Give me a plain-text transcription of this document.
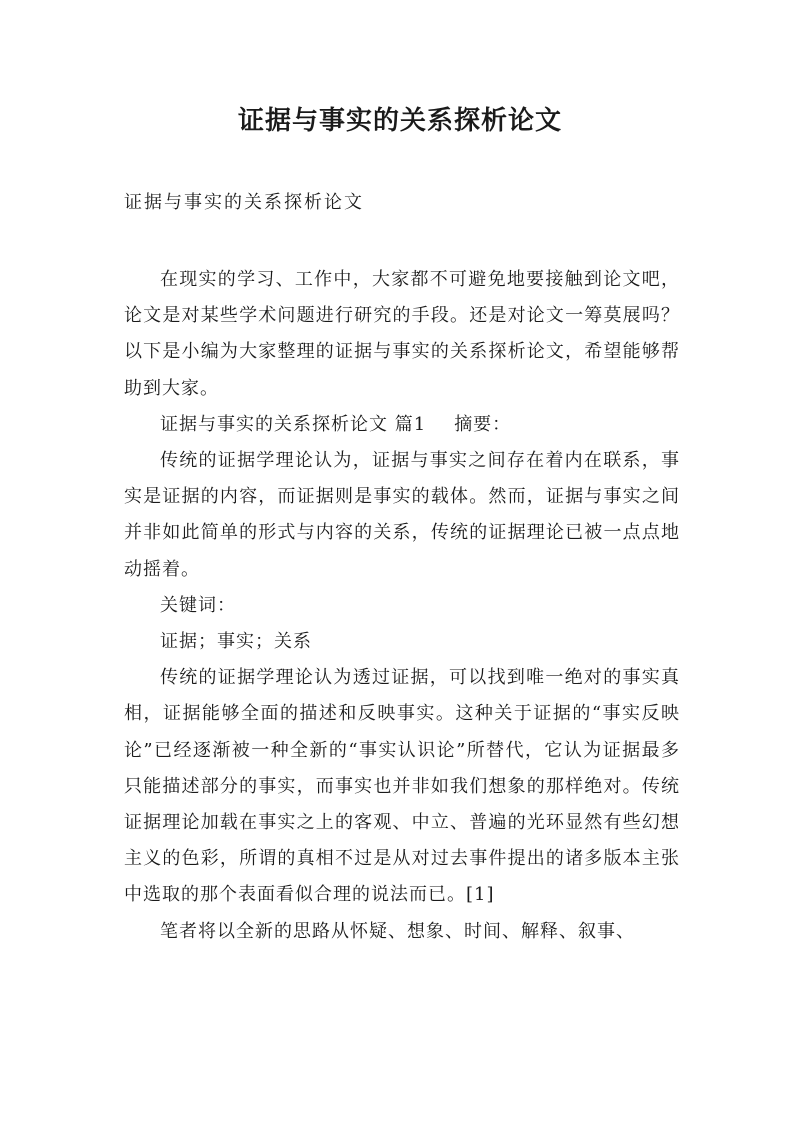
证据与事实的关系探析论文

证据与事实的关系探析论文

在现实的学习、工作中，大家都不可避免地要接触到论文吧，论文是对某些学术问题进行研究的手段。还是对论文一筹莫展吗？以下是小编为大家整理的证据与事实的关系探析论文，希望能够帮助到大家。

证据与事实的关系探析论文 篇1 摘要：

传统的证据学理论认为，证据与事实之间存在着内在联系，事实是证据的内容，而证据则是事实的载体。然而，证据与事实之间并非如此简单的形式与内容的关系，传统的证据理论已被一点点地动摇着。

关键词：

证据；事实；关系

传统的证据学理论认为透过证据，可以找到唯一绝对的事实真相，证据能够全面的描述和反映事实。这种关于证据的“事实反映论”已经逐渐被一种全新的“事实认识论”所替代，它认为证据最多只能描述部分的事实，而事实也并非如我们想象的那样绝对。传统证据理论加载在事实之上的客观、中立、普遍的光环显然有些幻想主义的色彩，所谓的真相不过是从对过去事件提出的诸多版本主张中选取的那个表面看似合理的说法而已。[1]

笔者将以全新的思路从怀疑、想象、时间、解释、叙事、
